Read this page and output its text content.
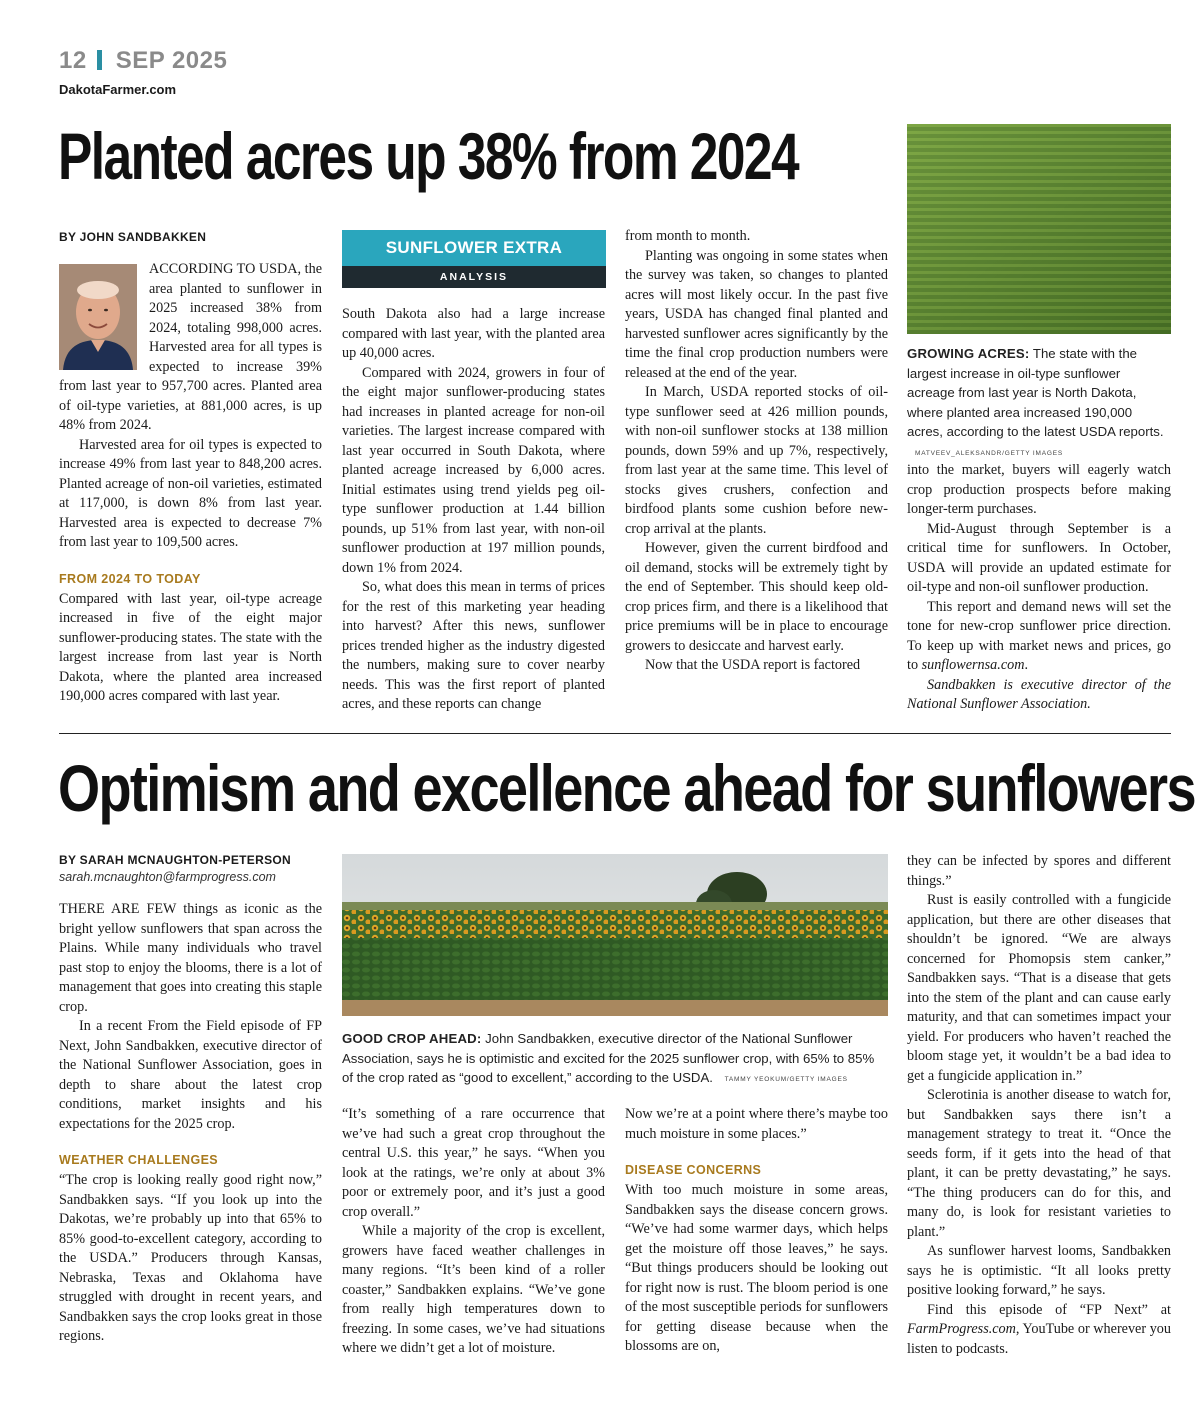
12 SEP 2025
DakotaFarmer.com
Planted acres up 38% from 2024
BY JOHN SANDBAKKEN

ACCORDING TO USDA, the area planted to sunflower in 2025 increased 38% from 2024, totaling 998,000 acres. Harvested area for all types is expected to increase 39% from last year to 957,700 acres. Planted area of oil-type varieties, at 881,000 acres, is up 48% from 2024.

Harvested area for oil types is expected to increase 49% from last year to 848,200 acres. Planted acreage of non-oil varieties, estimated at 117,000, is down 8% from last year. Harvested area is expected to decrease 7% from last year to 109,500 acres.

FROM 2024 TO TODAY

Compared with last year, oil-type acreage increased in five of the eight major sunflower-producing states. The state with the largest increase from last year is North Dakota, where the planted area increased 190,000 acres compared with last year.

SUNFLOWER EXTRA
ANALYSIS

South Dakota also had a large increase compared with last year, with the planted area up 40,000 acres.

Compared with 2024, growers in four of the eight major sunflower-producing states had increases in planted acreage for non-oil varieties. The largest increase compared with last year occurred in South Dakota, where planted acreage increased by 6,000 acres. Initial estimates using trend yields peg oil-type sunflower production at 1.44 billion pounds, up 51% from last year, with non-oil sunflower production at 197 million pounds, down 1% from 2024.

So, what does this mean in terms of prices for the rest of this marketing year heading into harvest? After this news, sunflower prices trended higher as the industry digested the numbers, making sure to cover nearby needs. This was the first report of planted acres, and these reports can change

from month to month.

Planting was ongoing in some states when the survey was taken, so changes to planted acres will most likely occur. In the past five years, USDA has changed final planted and harvested sunflower acres significantly by the time the final crop production numbers were released at the end of the year.

In March, USDA reported stocks of oil-type sunflower seed at 426 million pounds, with non-oil sunflower stocks at 138 million pounds, down 59% and up 7%, respectively, from last year at the same time. This level of stocks gives crushers, confection and birdfood plants some cushion before new-crop arrival at the plants.

However, given the current birdfood and oil demand, stocks will be extremely tight by the end of September. This should keep old-crop prices firm, and there is a likelihood that price premiums will be in place to encourage growers to desiccate and harvest early.

Now that the USDA report is factored

GROWING ACRES: The state with the largest increase in oil-type sunflower acreage from last year is North Dakota, where planted area increased 190,000 acres, according to the latest USDA reports. MATVEEV_ALEKSANDR/GETTY IMAGES

into the market, buyers will eagerly watch crop production prospects before making longer-term purchases.

Mid-August through September is a critical time for sunflowers. In October, USDA will provide an updated estimate for oil-type and non-oil sunflower production.

This report and demand news will set the tone for new-crop sunflower price direction. To keep up with market news and prices, go to sunflowernsa.com.

Sandbakken is executive director of the National Sunflower Association.

Optimism and excellence ahead for sunflowers
BY SARAH MCNAUGHTON-PETERSON
sarah.mcnaughton@farmprogress.com

THERE ARE FEW things as iconic as the bright yellow sunflowers that span across the Plains. While many individuals who travel past stop to enjoy the blooms, there is a lot of management that goes into creating this staple crop.

In a recent From the Field episode of FP Next, John Sandbakken, executive director of the National Sunflower Association, goes in depth to share about the latest crop conditions, market insights and his expectations for the 2025 crop.

WEATHER CHALLENGES

“The crop is looking really good right now,” Sandbakken says. “If you look up into the Dakotas, we’re probably up into that 65% to 85% good-to-excellent category, according to the USDA.” Producers through Kansas, Nebraska, Texas and Oklahoma have struggled with drought in recent years, and Sandbakken says the crop looks great in those regions.

GOOD CROP AHEAD: John Sandbakken, executive director of the National Sunflower Association, says he is optimistic and excited for the 2025 sunflower crop, with 65% to 85% of the crop rated as “good to excellent,” according to the USDA. TAMMY YEOKUM/GETTY IMAGES

“It’s something of a rare occurrence that we’ve had such a great crop throughout the central U.S. this year,” he says. “When you look at the ratings, we’re only at about 3% poor or extremely poor, and it’s just a good crop overall.”

While a majority of the crop is excellent, growers have faced weather challenges in many regions. “It’s been kind of a roller coaster,” Sandbakken explains. “We’ve gone from really high temperatures down to freezing. In some cases, we’ve had situations where we didn’t get a lot of moisture.

Now we’re at a point where there’s maybe too much moisture in some places.”

DISEASE CONCERNS

With too much moisture in some areas, Sandbakken says the disease concern grows. “We’ve had some warmer days, which helps get the moisture off those leaves,” he says. “But things producers should be looking out for right now is rust. The bloom period is one of the most susceptible periods for sunflowers for getting disease because when the blossoms are on,

they can be infected by spores and different things.”

Rust is easily controlled with a fungicide application, but there are other diseases that shouldn’t be ignored. “We are always concerned for Phomopsis stem canker,” Sandbakken says. “That is a disease that gets into the stem of the plant and can cause early maturity, and that can sometimes impact your yield. For producers who haven’t reached the bloom stage yet, it wouldn’t be a bad idea to get a fungicide application in.”

Sclerotinia is another disease to watch for, but Sandbakken says there isn’t a management strategy to treat it. “Once the seeds form, if it gets into the head of that plant, it can be pretty devastating,” he says. “The thing producers can do for this, and many do, is look for resistant varieties to plant.”

As sunflower harvest looms, Sandbakken says he is optimistic. “It all looks pretty positive looking forward,” he says.

Find this episode of “FP Next” at FarmProgress.com, YouTube or wherever you listen to podcasts.
